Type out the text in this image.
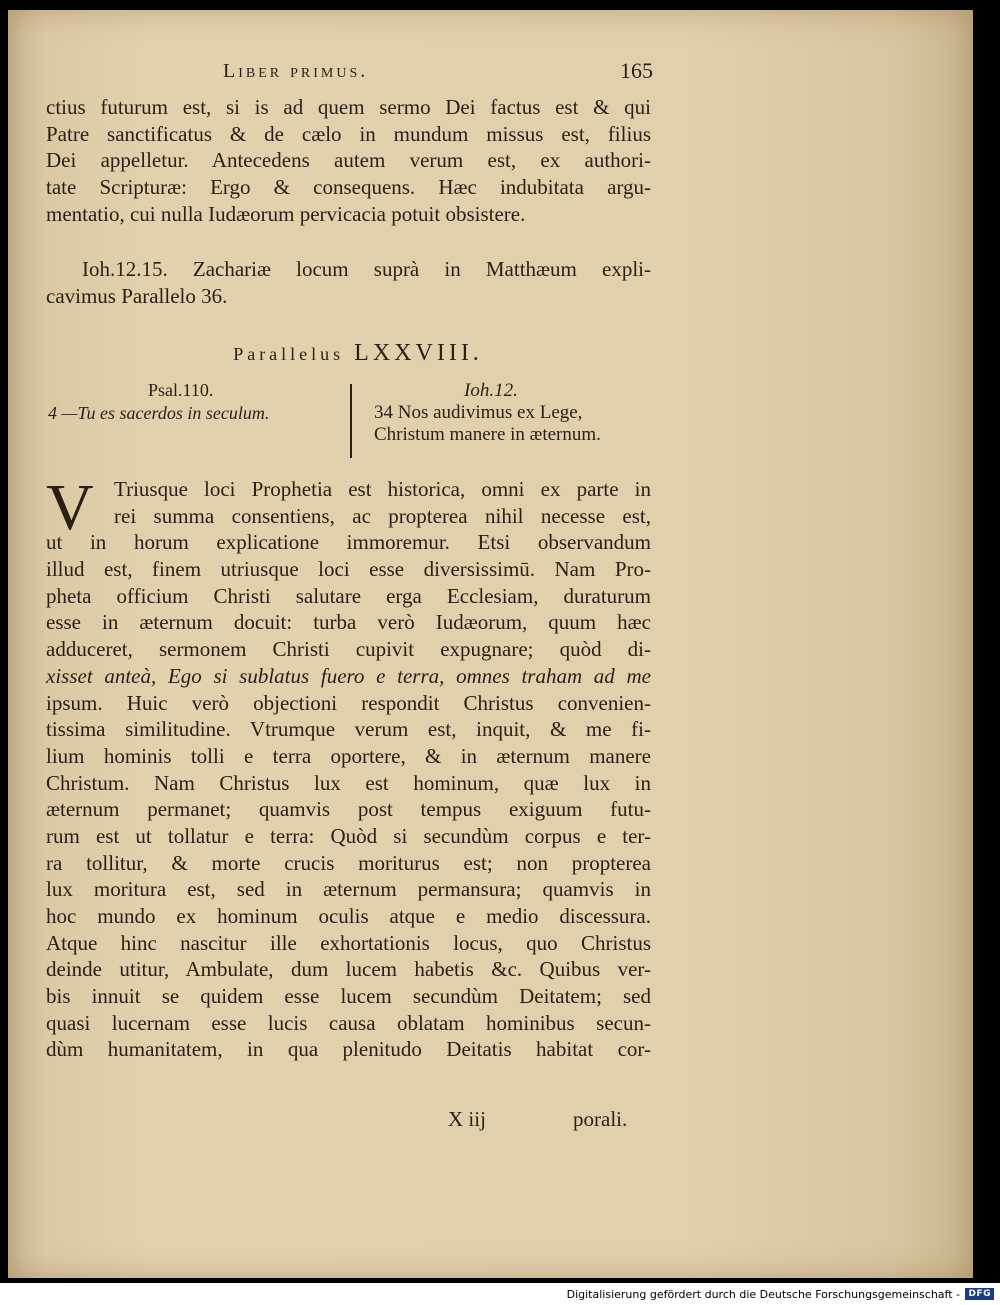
Liber primus.	165
ctius futurum est, si is ad quem sermo Dei factus est & qui
Patre sanctificatus & de cælo in mundum missus est, filius
Dei appelletur. Antecedens autem verum est, ex authori-
tate Scripturæ: Ergo & consequens. Hæc indubitata argu-
mentatio, cui nulla Iudæorum pervicacia potuit obsistere.
Ioh.12.15. Zachariæ locum suprà in Matthæum expli-
cavimus Parallelo 36.
Parallelus LXXVIII.
Psal.110.
4 —Tu es sacerdos in seculum.
Ioh.12.
34 Nos audivimus ex Lege,
Christum manere in æternum.
V Triusque loci Prophetia est historica, omni ex parte in
rei summa consentiens, ac propterea nihil necesse est,
ut in horum explicatione immoremur. Etsi observandum
illud est, finem utriusque loci esse diversissimū. Nam Pro-
pheta officium Christi salutare erga Ecclesiam, duraturum
esse in æternum docuit: turba verò Iudæorum, quum hæc
adduceret, sermonem Christi cupivit expugnare; quòd di-
xisset anteà, Ego si sublatus fuero e terra, omnes traham ad me
ipsum. Huic verò objectioni respondit Christus convenien-
tissima similitudine. Vtrumque verum est, inquit, & me fi-
lium hominis tolli e terra oportere, & in æternum manere
Christum. Nam Christus lux est hominum, quæ lux in
æternum permanet; quamvis post tempus exiguum futu-
rum est ut tollatur e terra: Quòd si secundùm corpus e ter-
ra tollitur, & morte crucis moriturus est; non propterea
lux moritura est, sed in æternum permansura; quamvis in
hoc mundo ex hominum oculis atque e medio discessura.
Atque hinc nascitur ille exhortationis locus, quo Christus
deinde utitur, Ambulate, dum lucem habetis &c. Quibus ver-
bis innuit se quidem esse lucem secundùm Deitatem; sed
quasi lucernam esse lucis causa oblatam hominibus secun-
dùm humanitatem, in qua plenitudo Deitatis habitat cor-
X iij	porali.
Digitalisierung gefördert durch die Deutsche Forschungsgemeinschaft - DFG
